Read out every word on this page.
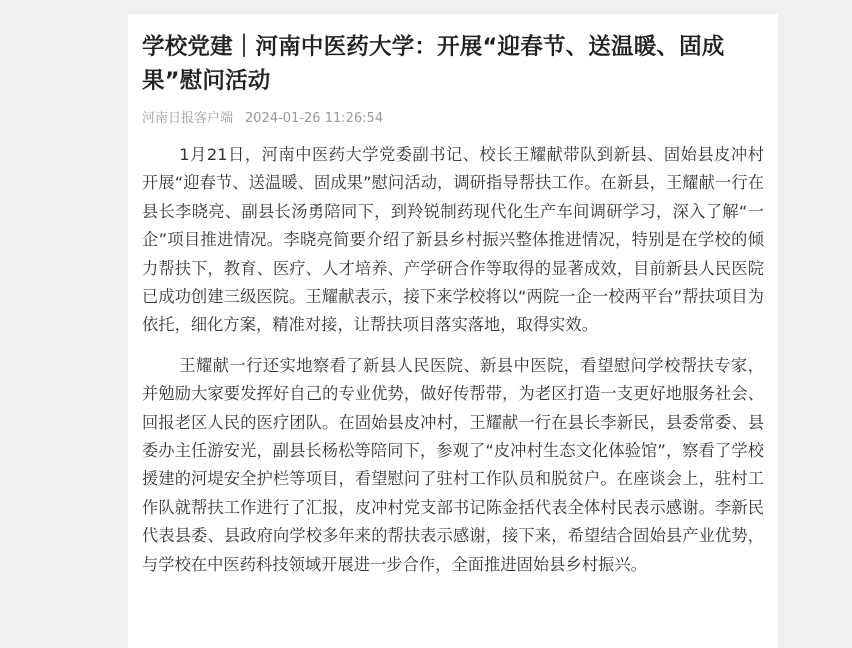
学校党建｜河南中医药大学：开展“迎春节、送温暖、固成果”慰问活动
河南日报客户端 2024-01-26 11:26:54

1月21日，河南中医药大学党委副书记、校长王耀献带队到新县、固始县皮冲村开展“迎春节、送温暖、固成果”慰问活动，调研指导帮扶工作。在新县，王耀献一行在县长李晓亮、副县长汤勇陪同下，到羚锐制药现代化生产车间调研学习，深入了解“一企”项目推进情况。李晓亮简要介绍了新县乡村振兴整体推进情况，特别是在学校的倾力帮扶下，教育、医疗、人才培养、产学研合作等取得的显著成效，目前新县人民医院已成功创建三级医院。王耀献表示，接下来学校将以“两院一企一校两平台”帮扶项目为依托，细化方案，精准对接，让帮扶项目落实落地，取得实效。

王耀献一行还实地察看了新县人民医院、新县中医院，看望慰问学校帮扶专家，并勉励大家要发挥好自己的专业优势，做好传帮带，为老区打造一支更好地服务社会、回报老区人民的医疗团队。在固始县皮冲村，王耀献一行在县长李新民，县委常委、县委办主任游安光，副县长杨松等陪同下，参观了“皮冲村生态文化体验馆”，察看了学校援建的河堤安全护栏等项目，看望慰问了驻村工作队员和脱贫户。在座谈会上，驻村工作队就帮扶工作进行了汇报，皮冲村党支部书记陈金括代表全体村民表示感谢。李新民代表县委、县政府向学校多年来的帮扶表示感谢，接下来，希望结合固始县产业优势，与学校在中医药科技领域开展进一步合作，全面推进固始县乡村振兴。
